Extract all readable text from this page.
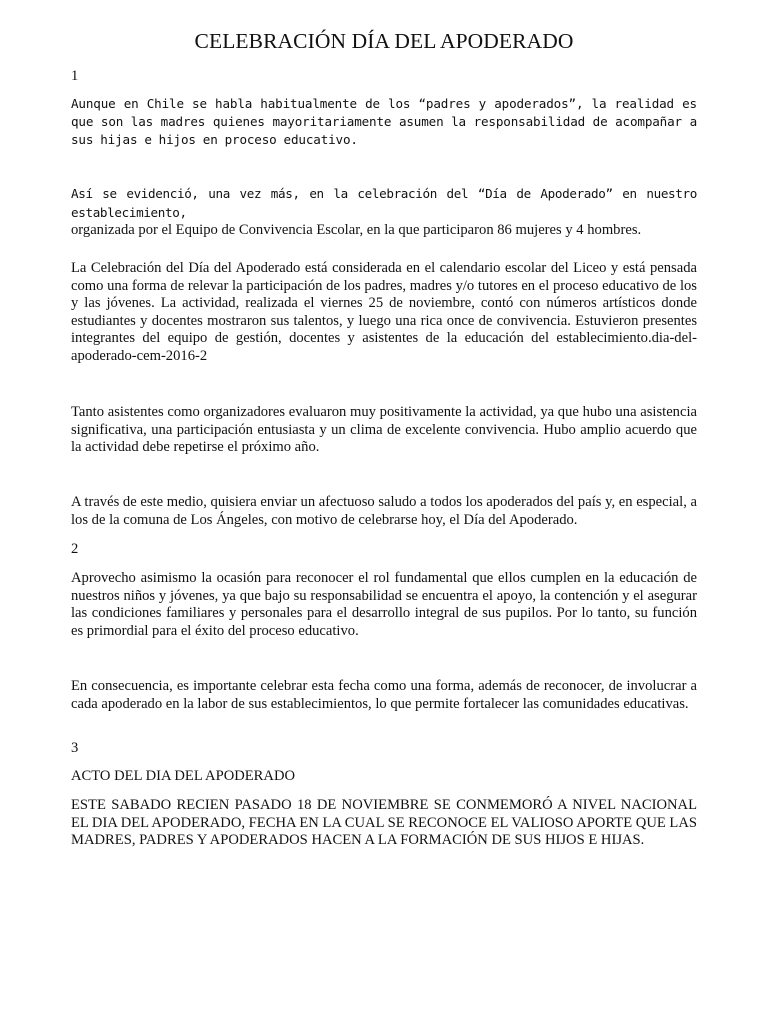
CELEBRACIÓN DÍA DEL APODERADO

1

Aunque en Chile se habla habitualmente de los “padres y apoderados”, la realidad es que son las madres quienes mayoritariamente asumen la responsabilidad de acompañar a sus hijas e hijos en proceso educativo.

Así se evidenció, una vez más, en la celebración del “Día de Apoderado” en nuestro establecimiento,
organizada por el Equipo de Convivencia Escolar, en la que participaron 86 mujeres y 4 hombres.

La Celebración del Día del Apoderado está considerada en el calendario escolar del Liceo y está pensada como una forma de relevar la participación de los padres, madres y/o tutores en el proceso educativo de los y las jóvenes. La actividad, realizada el viernes 25 de noviembre, contó con números artísticos donde estudiantes y docentes mostraron sus talentos, y luego una rica once de convivencia. Estuvieron presentes integrantes del equipo de gestión, docentes y asistentes de la educación del establecimiento.dia-del-apoderado-cem-2016-2

Tanto asistentes como organizadores evaluaron muy positivamente la actividad, ya que hubo una asistencia significativa, una participación entusiasta y un clima de excelente convivencia. Hubo amplio acuerdo que la actividad debe repetirse el próximo año.

A través de este medio, quisiera enviar un afectuoso saludo a todos los apoderados del país y, en especial, a los de la comuna de Los Ángeles, con motivo de celebrarse hoy, el Día del Apoderado.

2

Aprovecho asimismo la ocasión para reconocer el rol fundamental que ellos cumplen en la educación de nuestros niños y jóvenes, ya que bajo su responsabilidad se encuentra el apoyo, la contención y el asegurar las condiciones familiares y personales para el desarrollo integral de sus pupilos. Por lo tanto, su función es primordial para el éxito del proceso educativo.

En consecuencia, es importante celebrar esta fecha como una forma, además de reconocer, de involucrar a cada apoderado en la labor de sus establecimientos, lo que permite fortalecer las comunidades educativas.

3

ACTO DEL DIA DEL APODERADO

ESTE SABADO RECIEN PASADO 18 DE NOVIEMBRE SE CONMEMORÓ A NIVEL NACIONAL EL DIA DEL APODERADO, FECHA EN LA CUAL SE RECONOCE EL VALIOSO APORTE QUE LAS MADRES, PADRES Y APODERADOS HACEN A LA FORMACIÓN DE SUS HIJOS E HIJAS.
